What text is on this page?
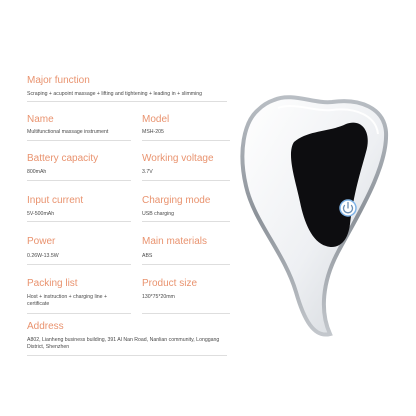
Major function
Scraping + acupoint massage + lifting and tightening + leading in + slimming
Name
Multifunctional massage instrument
Model
MSH-205
Battery capacity
800mAh
Working voltage
3.7V
Input current
5V-500mAh
Charging mode
USB charging
Power
0.26W-13.5W
Main materials
ABS
Packing list
Host + instruction + charging line + certificate
Product size
130*75*20mm
Address
A802, Lianheng business building, 391 Al Nan Road, Nanlian community, Longgang District, Shenzhen
